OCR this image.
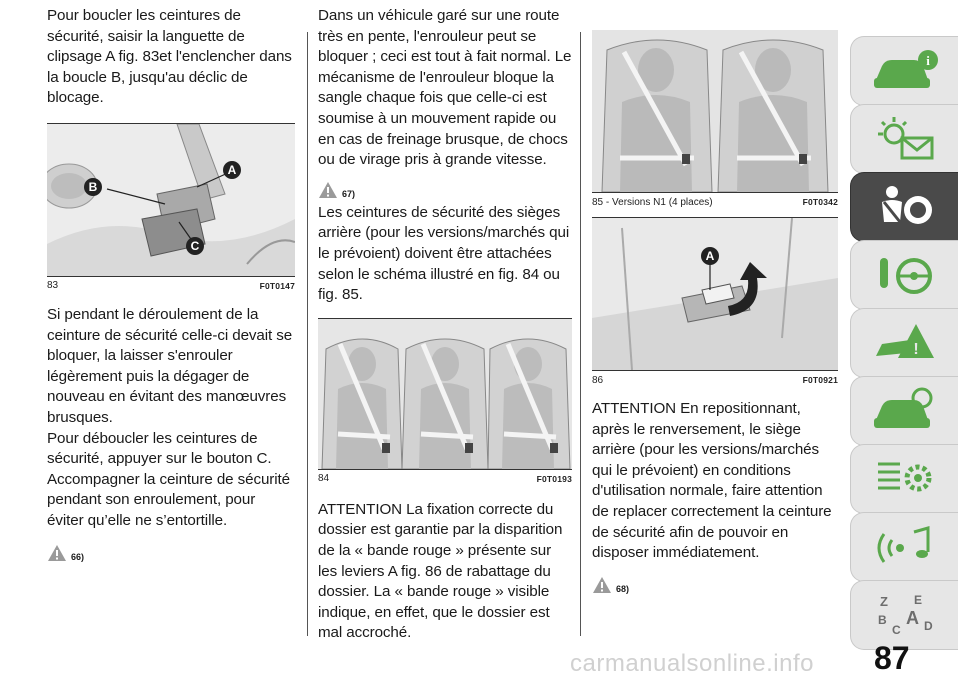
Pour boucler les ceintures de sécurité, saisir la languette de clipsage A fig. 83et l'enclencher dans la boucle B, jusqu'au déclic de blocage.

A
B
C
83	F0T0147

Si pendant le déroulement de la ceinture de sécurité celle-ci devait se bloquer, la laisser s'enrouler légèrement puis la dégager de nouveau en évitant des manœuvres brusques.

Pour déboucler les ceintures de sécurité, appuyer sur le bouton C. Accompagner la ceinture de sécurité pendant son enroulement, pour éviter qu’elle ne s’entortille.

66)

Dans un véhicule garé sur une route très en pente, l'enrouleur peut se bloquer ; ceci est tout à fait normal. Le mécanisme de l'enrouleur bloque la sangle chaque fois que celle-ci est soumise à un mouvement rapide ou en cas de freinage brusque, de chocs ou de virage pris à grande vitesse.

67)

Les ceintures de sécurité des sièges arrière (pour les versions/marchés qui le prévoient) doivent être attachées selon le schéma illustré en fig. 84 ou fig. 85.

84	F0T0193

ATTENTION La fixation correcte du dossier est garantie par la disparition de la « bande rouge » présente sur les leviers A fig. 86 de rabattage du dossier. La « bande rouge » visible indique, en effet, que le dossier est mal accroché.

85 - Versions N1 (4 places)	F0T0342
A
86	F0T0921

ATTENTION En repositionnant, après le renversement, le siège arrière (pour les versions/marchés qui le prévoient) en conditions d'utilisation normale, faire attention de replacer correctement la ceinture de sécurité afin de pouvoir en disposer immédiatement.

68)
i
!
Z E
B A
C D
87
carmanualsonline.info
